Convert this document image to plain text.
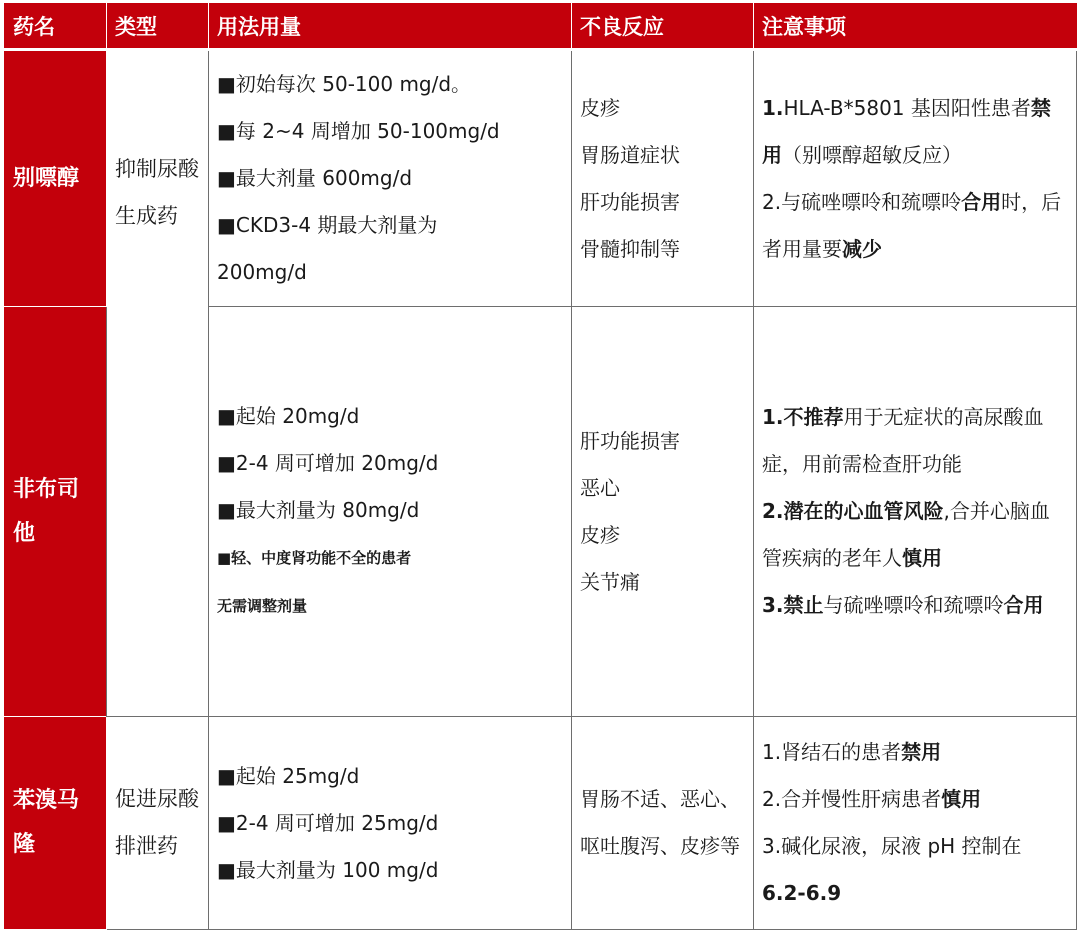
药名	类型	用法用量	不良反应	注意事项
别嘌醇	抑制尿酸生成药	■初始每次 50-100 mg/d。
■每 2~4 周增加 50-100mg/d
■最大剂量 600mg/d
■CKD3-4 期最大剂量为
200mg/d	皮疹
胃肠道症状
肝功能损害
骨髓抑制等	1.HLA-B*5801 基因阳性患者禁用（别嘌醇超敏反应）
2.与硫唑嘌呤和巯嘌呤合用时，后者用量要减少

非布司他		■起始 20mg/d
■2-4 周可增加 20mg/d
■最大剂量为 80mg/d
■轻、中度肾功能不全的患者
无需调整剂量	肝功能损害
恶心
皮疹
关节痛	1.不推荐用于无症状的高尿酸血症，用前需检查肝功能
2.潜在的心血管风险,合并心脑血管疾病的老年人慎用
3.禁止与硫唑嘌呤和巯嘌呤合用

苯溴马隆	促进尿酸排泄药	■起始 25mg/d
■2-4 周可增加 25mg/d
■最大剂量为 100 mg/d	胃肠不适、恶心、呕吐腹泻、皮疹等	1.肾结石的患者禁用
2.合并慢性肝病患者慎用
3.碱化尿液，尿液 pH 控制在 6.2-6.9
